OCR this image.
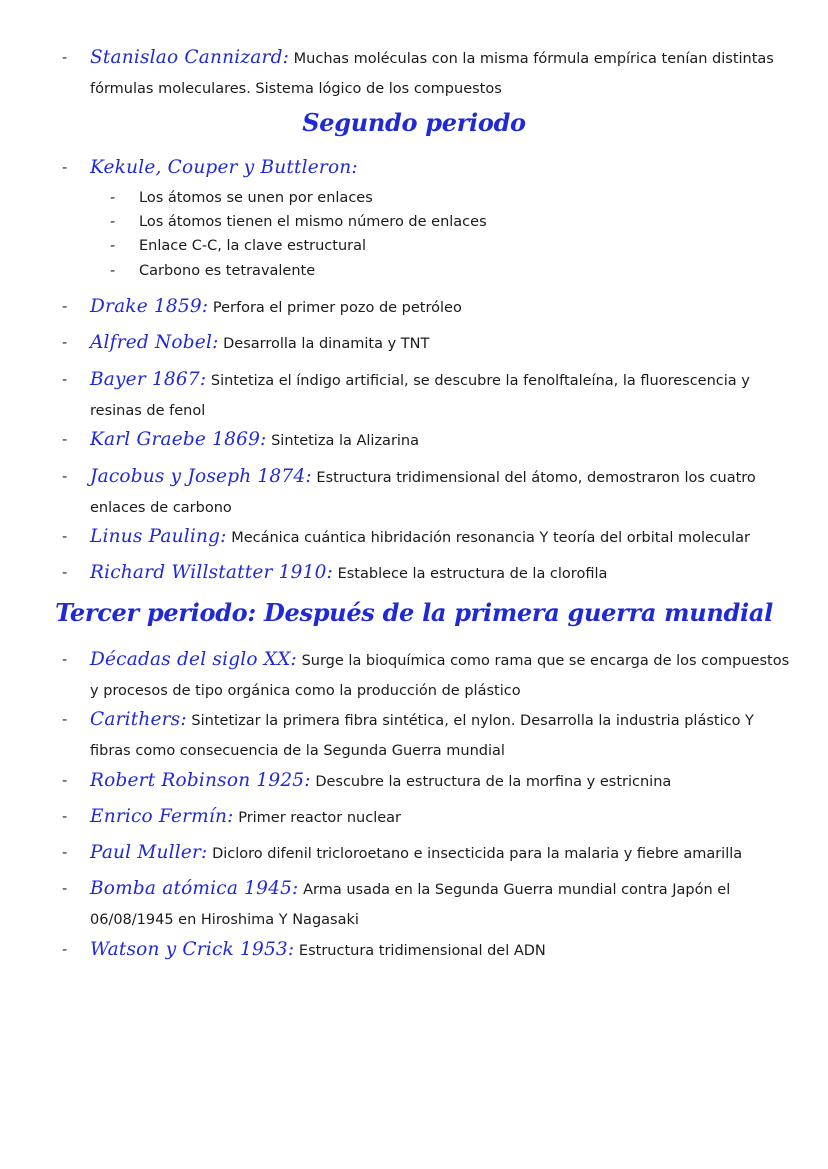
-	Stanislao Cannizard: Muchas moléculas con la misma fórmula empírica tenían distintas fórmulas moleculares. Sistema lógico de los compuestos
Segundo periodo
-	Kekule, Couper y Buttleron:
- Los átomos se unen por enlaces
- Los átomos tienen el mismo número de enlaces
- Enlace C-C, la clave estructural
- Carbono es tetravalente
-	Drake 1859: Perfora el primer pozo de petróleo
-	Alfred Nobel: Desarrolla la dinamita y TNT
-	Bayer 1867: Sintetiza el índigo artificial, se descubre la fenolftaleína, la fluorescencia y resinas de fenol
-	Karl Graebe 1869: Sintetiza la Alizarina
-	Jacobus y Joseph 1874: Estructura tridimensional del átomo, demostraron los cuatro enlaces de carbono
-	Linus Pauling: Mecánica cuántica hibridación resonancia Y teoría del orbital molecular
-	Richard Willstatter 1910: Establece la estructura de la clorofila
Tercer periodo: Después de la primera guerra mundial
-	Décadas del siglo XX: Surge la bioquímica como rama que se encarga de los compuestos y procesos de tipo orgánica como la producción de plástico
-	Carithers: Sintetizar la primera fibra sintética, el nylon. Desarrolla la industria plástico Y fibras como consecuencia de la Segunda Guerra mundial
-	Robert Robinson 1925: Descubre la estructura de la morfina y estricnina
-	Enrico Fermín: Primer reactor nuclear
-	Paul Muller: Dicloro difenil tricloroetano e insecticida para la malaria y fiebre amarilla
-	Bomba atómica 1945: Arma usada en la Segunda Guerra mundial contra Japón el 06/08/1945 en Hiroshima Y Nagasaki
-	Watson y Crick 1953: Estructura tridimensional del ADN
